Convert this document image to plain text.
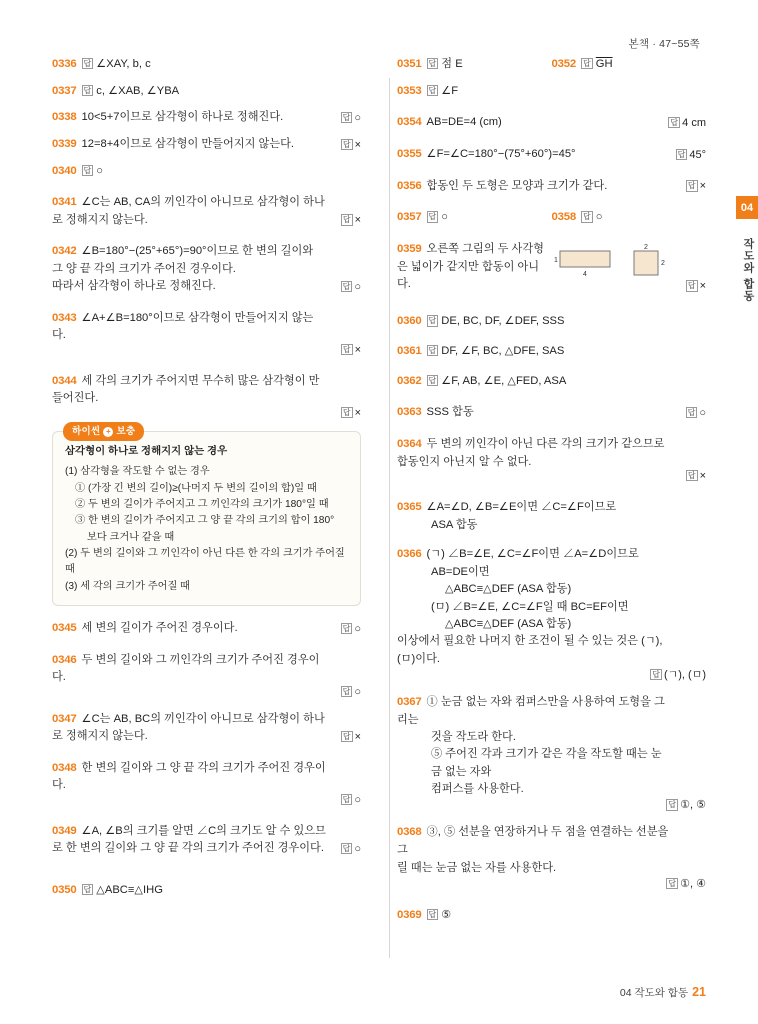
본책 · 47~55쪽
04
작도와 합동
0336 답 ∠XAY, b, c
0337 답 c, ∠XAB, ∠YBA
0338 10<5+7이므로 삼각형이 하나로 정해진다.	답 ○
0339 12=8+4이므로 삼각형이 만들어지지 않는다.	답 ×
0340 답 ○
0341 ∠C는 AB, CA의 끼인각이 아니므로 삼각형이 하나로 정해지지 않는다.	답 ×
0342 ∠B=180°−(25°+65°)=90°이므로 한 변의 길이와 그 양 끝 각의 크기가 주어진 경우이다.
따라서 삼각형이 하나로 정해진다.	답 ○
0343 ∠A+∠B=180°이므로 삼각형이 만들어지지 않는다.
답 ×
0344 세 각의 크기가 주어지면 무수히 많은 삼각형이 만들어진다.
답 ×
하이씬 + 보충
삼각형이 하나로 정해지지 않는 경우
(1) 삼각형을 작도할 수 없는 경우
① (가장 긴 변의 길이)≥(나머지 두 변의 길이의 합)일 때
② 두 변의 길이가 주어지고 그 끼인각의 크기가 180°일 때
③ 한 변의 길이가 주어지고 그 양 끝 각의 크기의 합이 180°
보다 크거나 같을 때
(2) 두 변의 길이와 그 끼인각이 아닌 다른 한 각의 크기가 주어질 때
(3) 세 각의 크기가 주어질 때
0345 세 변의 길이가 주어진 경우이다.	답 ○
0346 두 변의 길이와 그 끼인각의 크기가 주어진 경우이다.
답 ○
0347 ∠C는 AB, BC의 끼인각이 아니므로 삼각형이 하나로 정해지지 않는다.	답 ×
0348 한 변의 길이와 그 양 끝 각의 크기가 주어진 경우이다.
답 ○
0349 ∠A, ∠B의 크기를 알면 ∠C의 크기도 알 수 있으므로 한 변의 길이와 그 양 끝 각의 크기가 주어진 경우이다. 답 ○
0350 답 △ABC≡△IHG
0351 답 점 E	0352 답 $\overline{GH}$
0353 답 ∠F
0354 AB=DE=4 (cm)	답 4 cm
0355 ∠F=∠C=180°−(75°+60°)=45°	답 45°
0356 합동인 두 도형은 모양과 크기가 같다.	답 ×
0357 답 ○	0358 답 ○
0359 오른쪽 그림의 두 사각형은 넓이가 같지만 합동이 아니다.
1
4
2
2
답 ×
0360 답 DE, BC, DF, ∠DEF, SSS
0361 답 DF, ∠F, BC, △DFE, SAS
0362 답 ∠F, AB, ∠E, △FED, ASA
0363 SSS 합동	답 ○
0364 두 변의 끼인각이 아닌 다른 각의 크기가 같으므로 합동인지 아닌지 알 수 없다.
답 ×
0365 ∠A=∠D, ∠B=∠E이면 ∠C=∠F이므로
ASA 합동
0366 (ㄱ) ∠B=∠E, ∠C=∠F이면 ∠A=∠D이므로
AB=DE이면
△ABC≡△DEF (ASA 합동)
(ㅁ) ∠B=∠E, ∠C=∠F일 때 BC=EF이면
△ABC≡△DEF (ASA 합동)
이상에서 필요한 나머지 한 조건이 될 수 있는 것은 (ㄱ), (ㅁ)이다.
답 (ㄱ), (ㅁ)
0367 ① 눈금 없는 자와 컴퍼스만을 사용하여 도형을 그리는
것을 작도라 한다.
⑤ 주어진 각과 크기가 같은 각을 작도할 때는 눈금 없는 자와
컴퍼스를 사용한다.
답 ①, ⑤
0368 ③, ⑤ 선분을 연장하거나 두 점을 연결하는 선분을 그
릴 때는 눈금 없는 자를 사용한다.
답 ①, ④
0369 답 ⑤
04 작도와 합동 21
